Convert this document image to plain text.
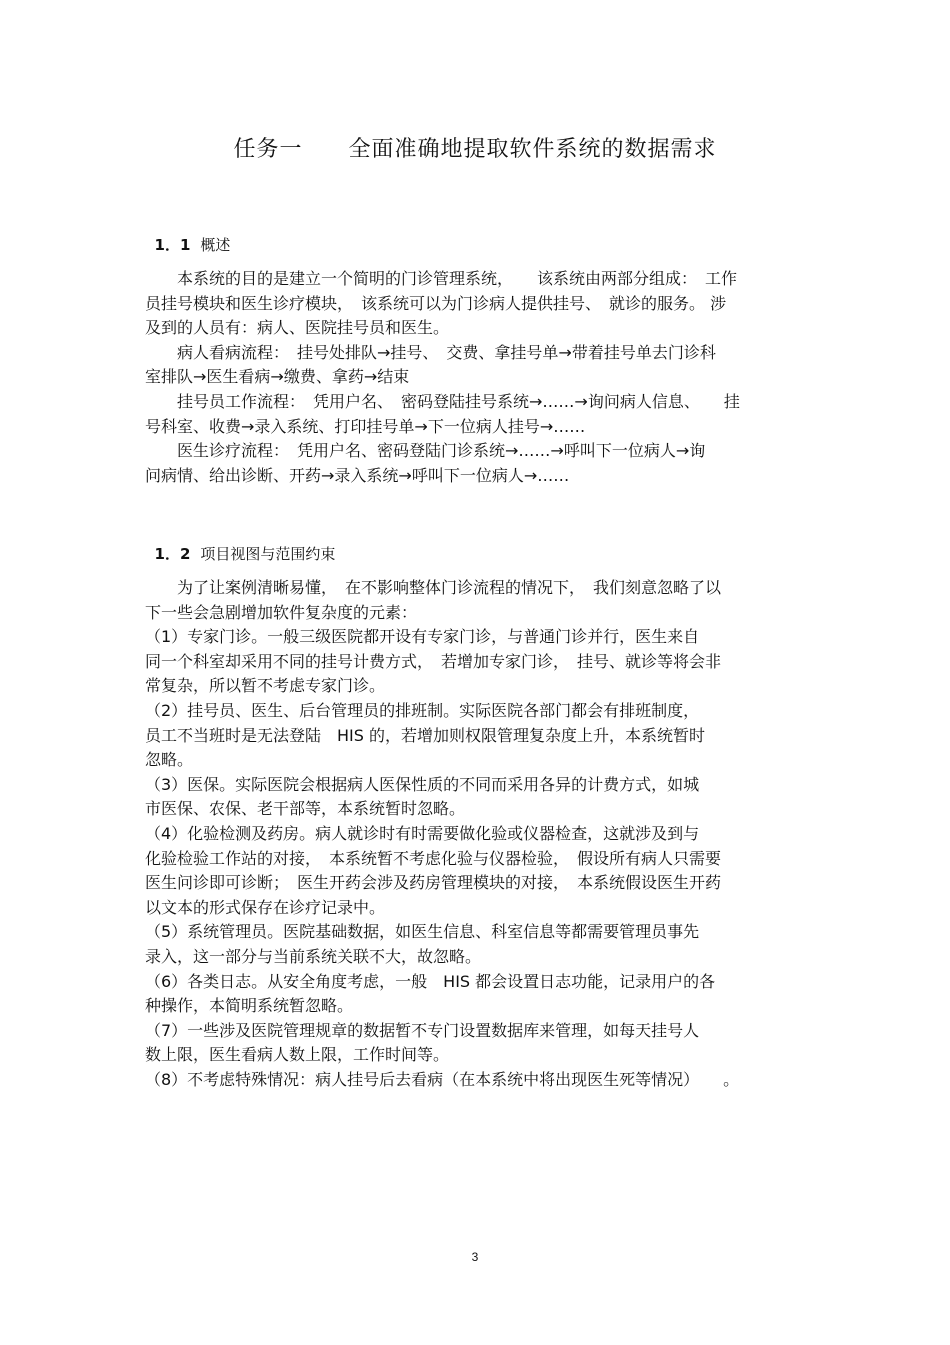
任务一　　全面准确地提取软件系统的数据需求

1．1 概述

　　本系统的目的是建立一个简明的门诊管理系统，　　该系统由两部分组成：　工作
员挂号模块和医生诊疗模块，　该系统可以为门诊病人提供挂号、　就诊的服务。 涉
及到的人员有：病人、医院挂号员和医生。
　　病人看病流程：　挂号处排队→挂号、　交费、拿挂号单→带着挂号单去门诊科
室排队→医生看病→缴费、拿药→结束
　　挂号员工作流程：　凭用户名、　密码登陆挂号系统→……→询问病人信息、　　挂
号科室、收费→录入系统、打印挂号单→下一位病人挂号→……
　　医生诊疗流程：　凭用户名、密码登陆门诊系统→……→呼叫下一位病人→询
问病情、给出诊断、开药→录入系统→呼叫下一位病人→……

1．2 项目视图与范围约束

　　为了让案例清晰易懂，　在不影响整体门诊流程的情况下，　我们刻意忽略了以
下一些会急剧增加软件复杂度的元素：
（1）专家门诊。一般三级医院都开设有专家门诊，与普通门诊并行，医生来自
同一个科室却采用不同的挂号计费方式，　若增加专家门诊，　挂号、就诊等将会非
常复杂，所以暂不考虑专家门诊。
（2）挂号员、医生、后台管理员的排班制。实际医院各部门都会有排班制度，
员工不当班时是无法登陆　HIS 的，若增加则权限管理复杂度上升，本系统暂时
忽略。
（3）医保。实际医院会根据病人医保性质的不同而采用各异的计费方式，如城
市医保、农保、老干部等，本系统暂时忽略。
（4）化验检测及药房。病人就诊时有时需要做化验或仪器检查，这就涉及到与
化验检验工作站的对接，　本系统暂不考虑化验与仪器检验，　假设所有病人只需要
医生问诊即可诊断；　医生开药会涉及药房管理模块的对接，　本系统假设医生开药
以文本的形式保存在诊疗记录中。
（5）系统管理员。医院基础数据，如医生信息、科室信息等都需要管理员事先
录入，这一部分与当前系统关联不大，故忽略。
（6）各类日志。从安全角度考虑，一般　HIS 都会设置日志功能，记录用户的各
种操作，本简明系统暂忽略。
（7）一些涉及医院管理规章的数据暂不专门设置数据库来管理，如每天挂号人
数上限，医生看病人数上限，工作时间等。
（8）不考虑特殊情况：病人挂号后去看病（在本系统中将出现医生死等情况）　　。
3
